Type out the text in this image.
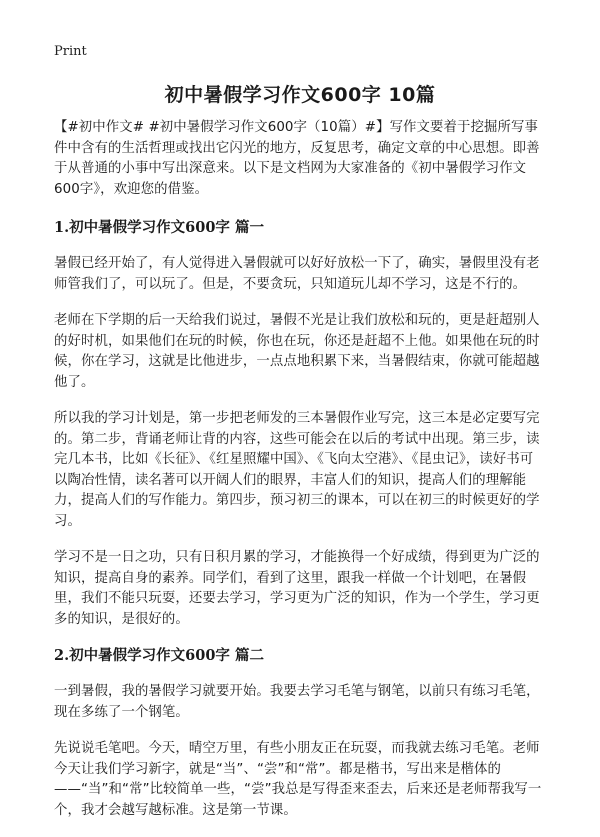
Print
初中暑假学习作文600字 10篇

【#初中作文# #初中暑假学习作文600字（10篇）#】写作文要着于挖掘所写事件中含有的生活哲理或找出它闪光的地方，反复思考，确定文章的中心思想。即善于从普通的小事中写出深意来。以下是文档网为大家准备的《初中暑假学习作文600字》，欢迎您的借鉴。

1.初中暑假学习作文600字 篇一

暑假已经开始了，有人觉得进入暑假就可以好好放松一下了，确实，暑假里没有老师管我们了，可以玩了。但是，不要贪玩，只知道玩儿却不学习，这是不行的。

老师在下学期的后一天给我们说过，暑假不光是让我们放松和玩的，更是赶超别人的好时机，如果他们在玩的时候，你也在玩，你还是赶超不上他。如果他在玩的时候，你在学习，这就是比他进步，一点点地积累下来，当暑假结束，你就可能超越他了。

所以我的学习计划是，第一步把老师发的三本暑假作业写完，这三本是必定要写完的。第二步，背诵老师让背的内容，这些可能会在以后的考试中出现。第三步，读完几本书，比如《长征》、《红星照耀中国》、《飞向太空港》、《昆虫记》，读好书可以陶冶性情，读名著可以开阔人们的眼界，丰富人们的知识，提高人们的理解能力，提高人们的写作能力。第四步，预习初三的课本，可以在初三的时候更好的学习。

学习不是一日之功，只有日积月累的学习，才能换得一个好成绩，得到更为广泛的知识，提高自身的素养。同学们，看到了这里，跟我一样做一个计划吧，在暑假里，我们不能只玩耍，还要去学习，学习更为广泛的知识，作为一个学生，学习更多的知识，是很好的。

2.初中暑假学习作文600字 篇二

一到暑假，我的暑假学习就要开始。我要去学习毛笔与钢笔，以前只有练习毛笔，现在多练了一个钢笔。

先说说毛笔吧。今天，晴空万里，有些小朋友正在玩耍，而我就去练习毛笔。老师今天让我们学习新字，就是“当”、“尝”和“常”。都是楷书，写出来是楷体的——“当”和“常”比较简单一些，“尝”我总是写得歪来歪去，后来还是老师帮我写一个，我才会越写越标准。这是第一节课。
